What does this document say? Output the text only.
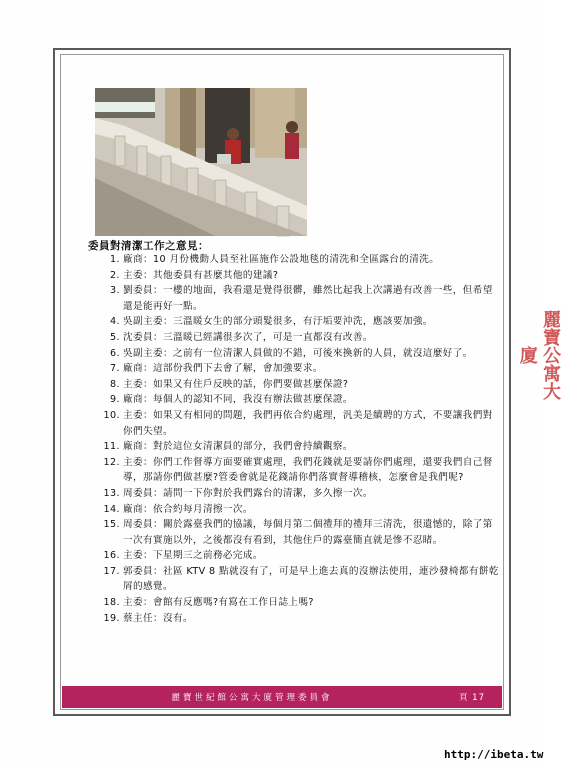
委員對清潔工作之意見：
1. 廠商：10 月份機動人員至社區施作公設地毯的清洗和全區露台的清洗。
2. 主委：其他委員有甚麼其他的建議?
3. 劉委員：一樓的地面，我看還是覺得很髒，雖然比起我上次講過有改善一些，但希望還是能再好一點。
4. 吳副主委：三溫暖女生的部分頭髮很多，有汙垢要沖洗，應該要加強。
5. 沈委員：三溫暖已經講很多次了，可是一直都沒有改善。
6. 吳副主委：之前有一位清潔人員做的不錯，可後來換新的人員，就沒這麼好了。
7. 廠商：這部份我們下去會了解，會加強要求。
8. 主委：如果又有住戶反映的話，你們要做甚麼保證?
9. 廠商：每個人的認知不同，我沒有辦法做甚麼保證。
10. 主委：如果又有相同的問題，我們再依合約處理，汎美是續聘的方式，不要讓我們對你們失望。
11. 廠商：對於這位女清潔員的部分，我們會持續觀察。
12. 主委：你們工作督導方面要確實處理，我們花錢就是要請你們處理，還要我們自己督導，那請你們做甚麼?管委會就是花錢請你們落實督導稽核，怎麼會是我們呢?
13. 周委員：請問一下你對於我們露台的清潔，多久擦一次。
14. 廠商：依合約每月清擦一次。
15. 周委員：關於露臺我們的協議，每個月第二個禮拜的禮拜三清洗，很遺憾的，除了第一次有實施以外，之後都沒有看到，其他住戶的露臺簡直就是慘不忍睹。
16. 主委：下星期三之前務必完成。
17. 郭委員：社區 KTV 8 點就沒有了，可是早上進去真的沒辦法使用，連沙發椅都有餅乾屑的感覺。
18. 主委：會館有反應嗎?有寫在工作日誌上嗎?
19. 蔡主任：沒有。
麗寶世紀館公寓大廈管理委員會	頁 17
麗寶公寓大廈
http://ibeta.tw
